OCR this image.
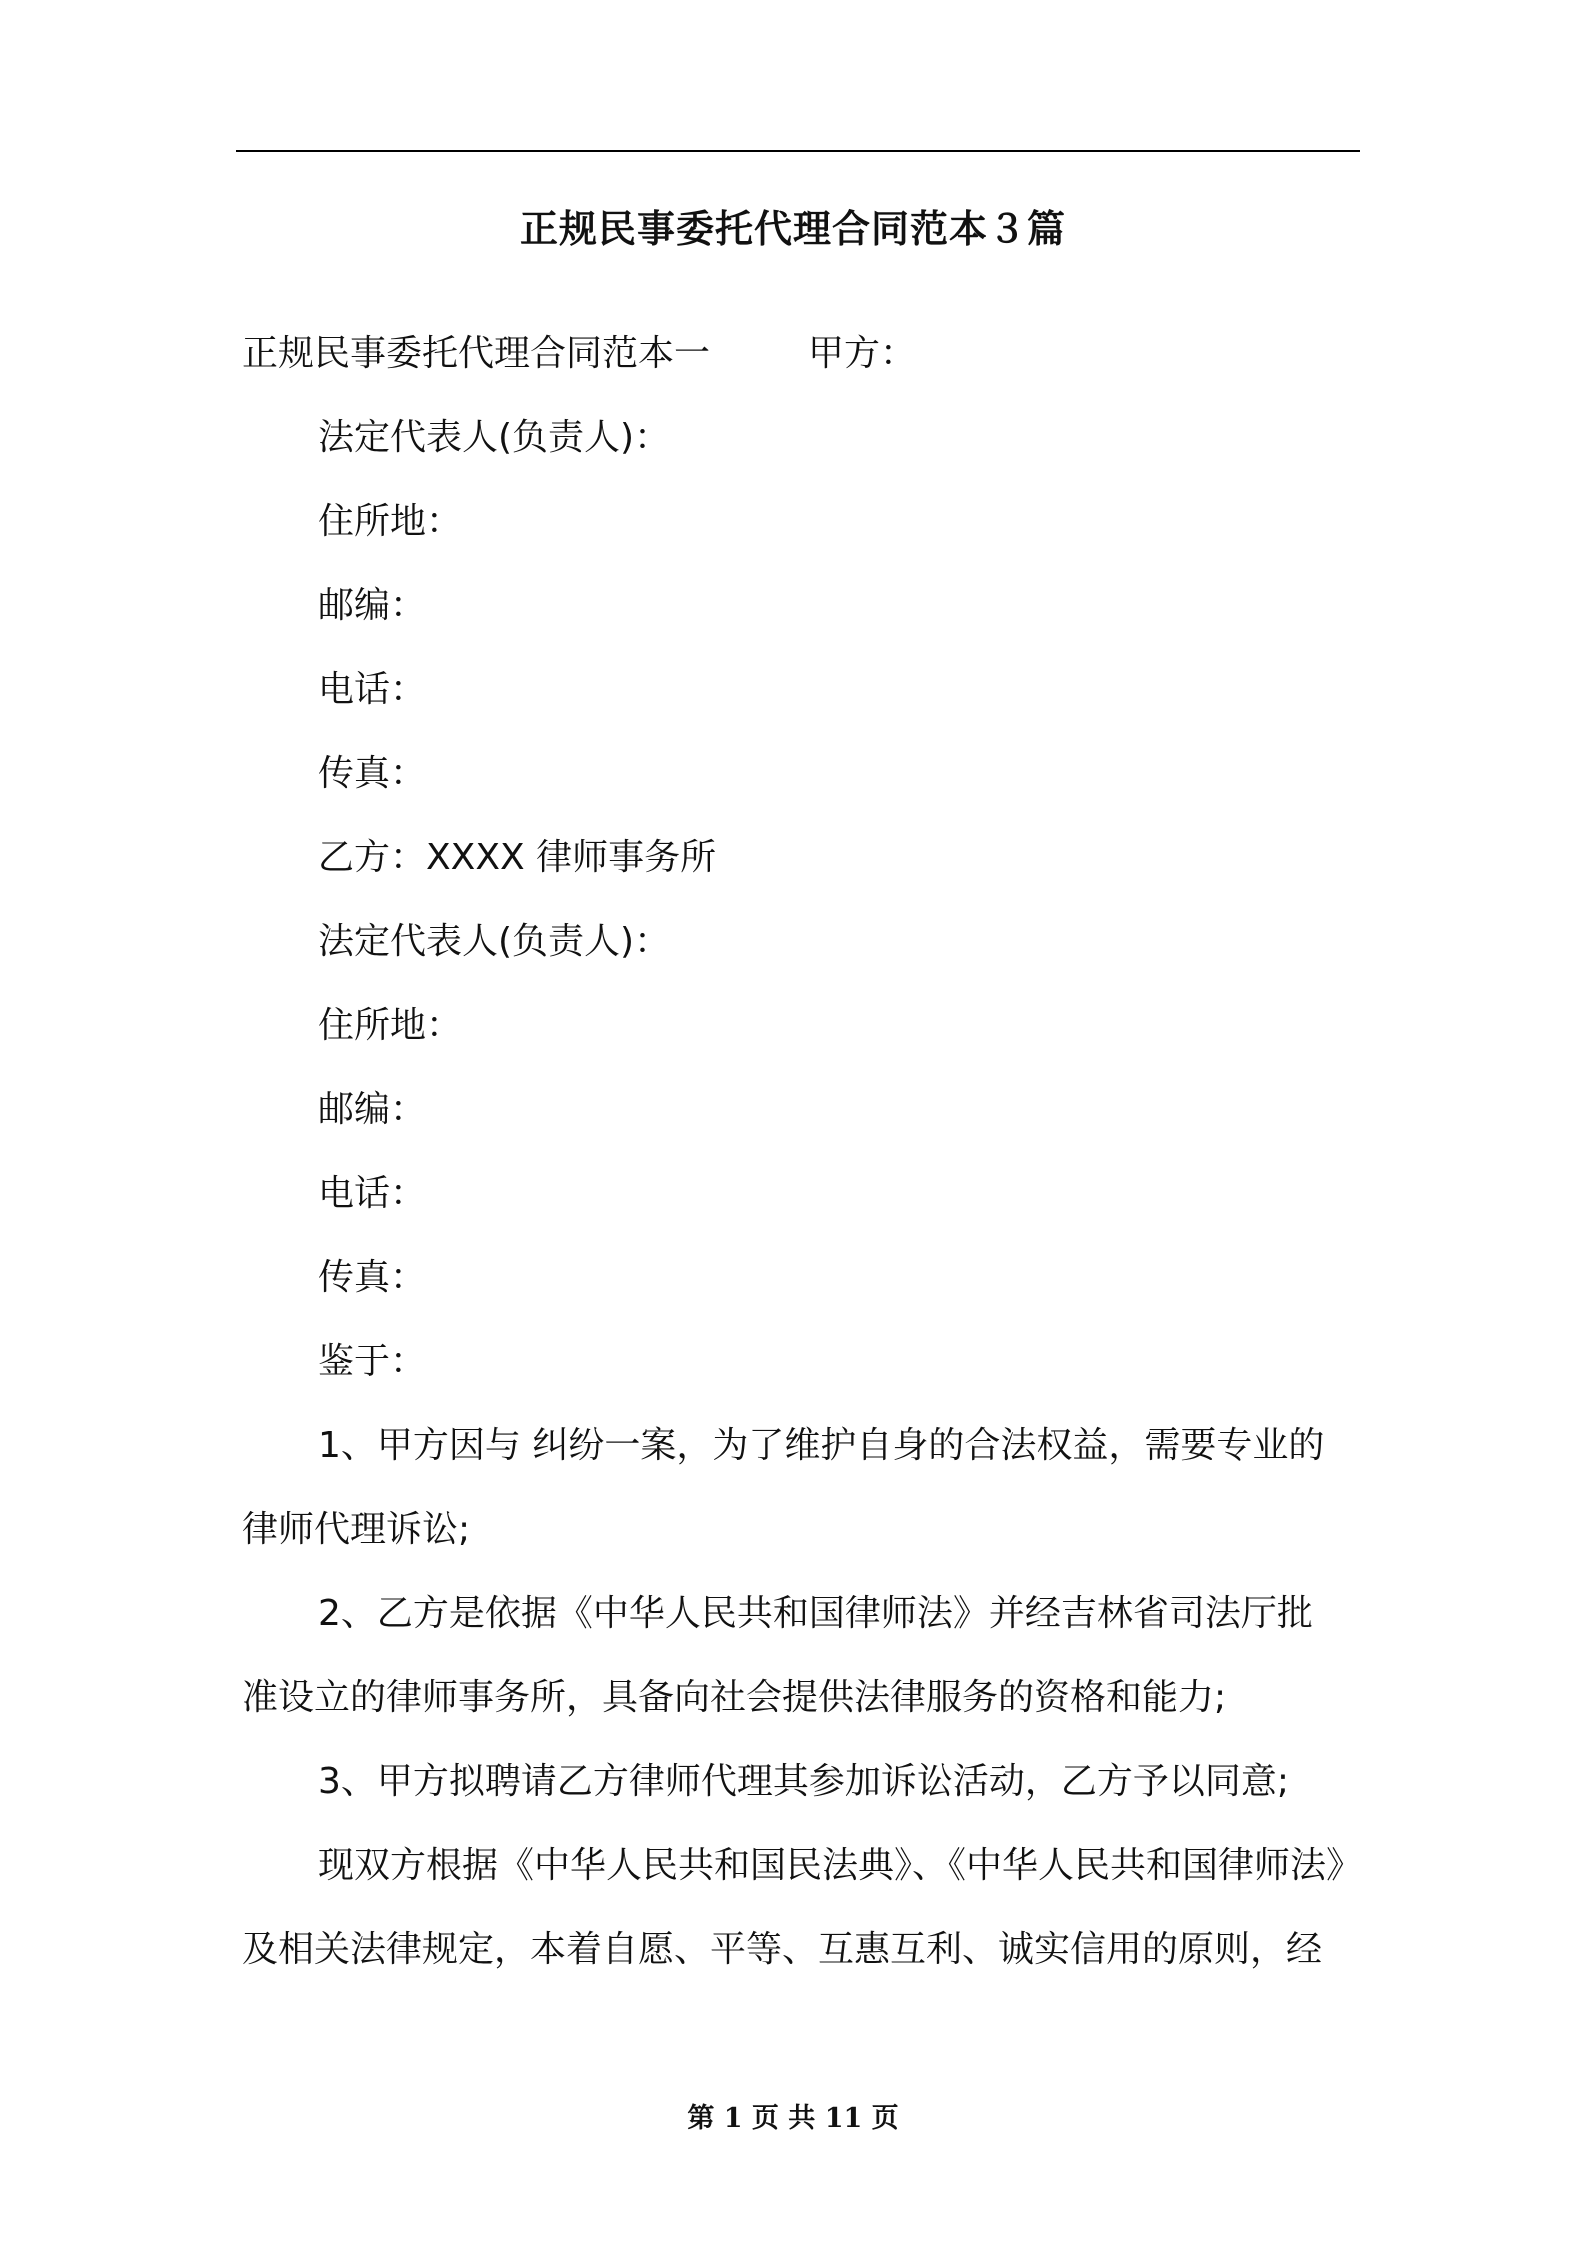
正规民事委托代理合同范本３篇
正规民事委托代理合同范本一	甲方：
法定代表人(负责人)：
住所地：
邮编：
电话：
传真：
乙方：XXXX 律师事务所
法定代表人(负责人)：
住所地：
邮编：
电话：
传真：
鉴于：
1、甲方因与 纠纷一案，为了维护自身的合法权益，需要专业的
律师代理诉讼;
2、乙方是依据《中华人民共和国律师法》并经吉林省司法厅批
准设立的律师事务所，具备向社会提供法律服务的资格和能力;
3、甲方拟聘请乙方律师代理其参加诉讼活动，乙方予以同意;
现双方根据《中华人民共和国民法典》、《中华人民共和国律师法》
及相关法律规定，本着自愿、平等、互惠互利、诚实信用的原则，经
第 1 页 共 11 页
